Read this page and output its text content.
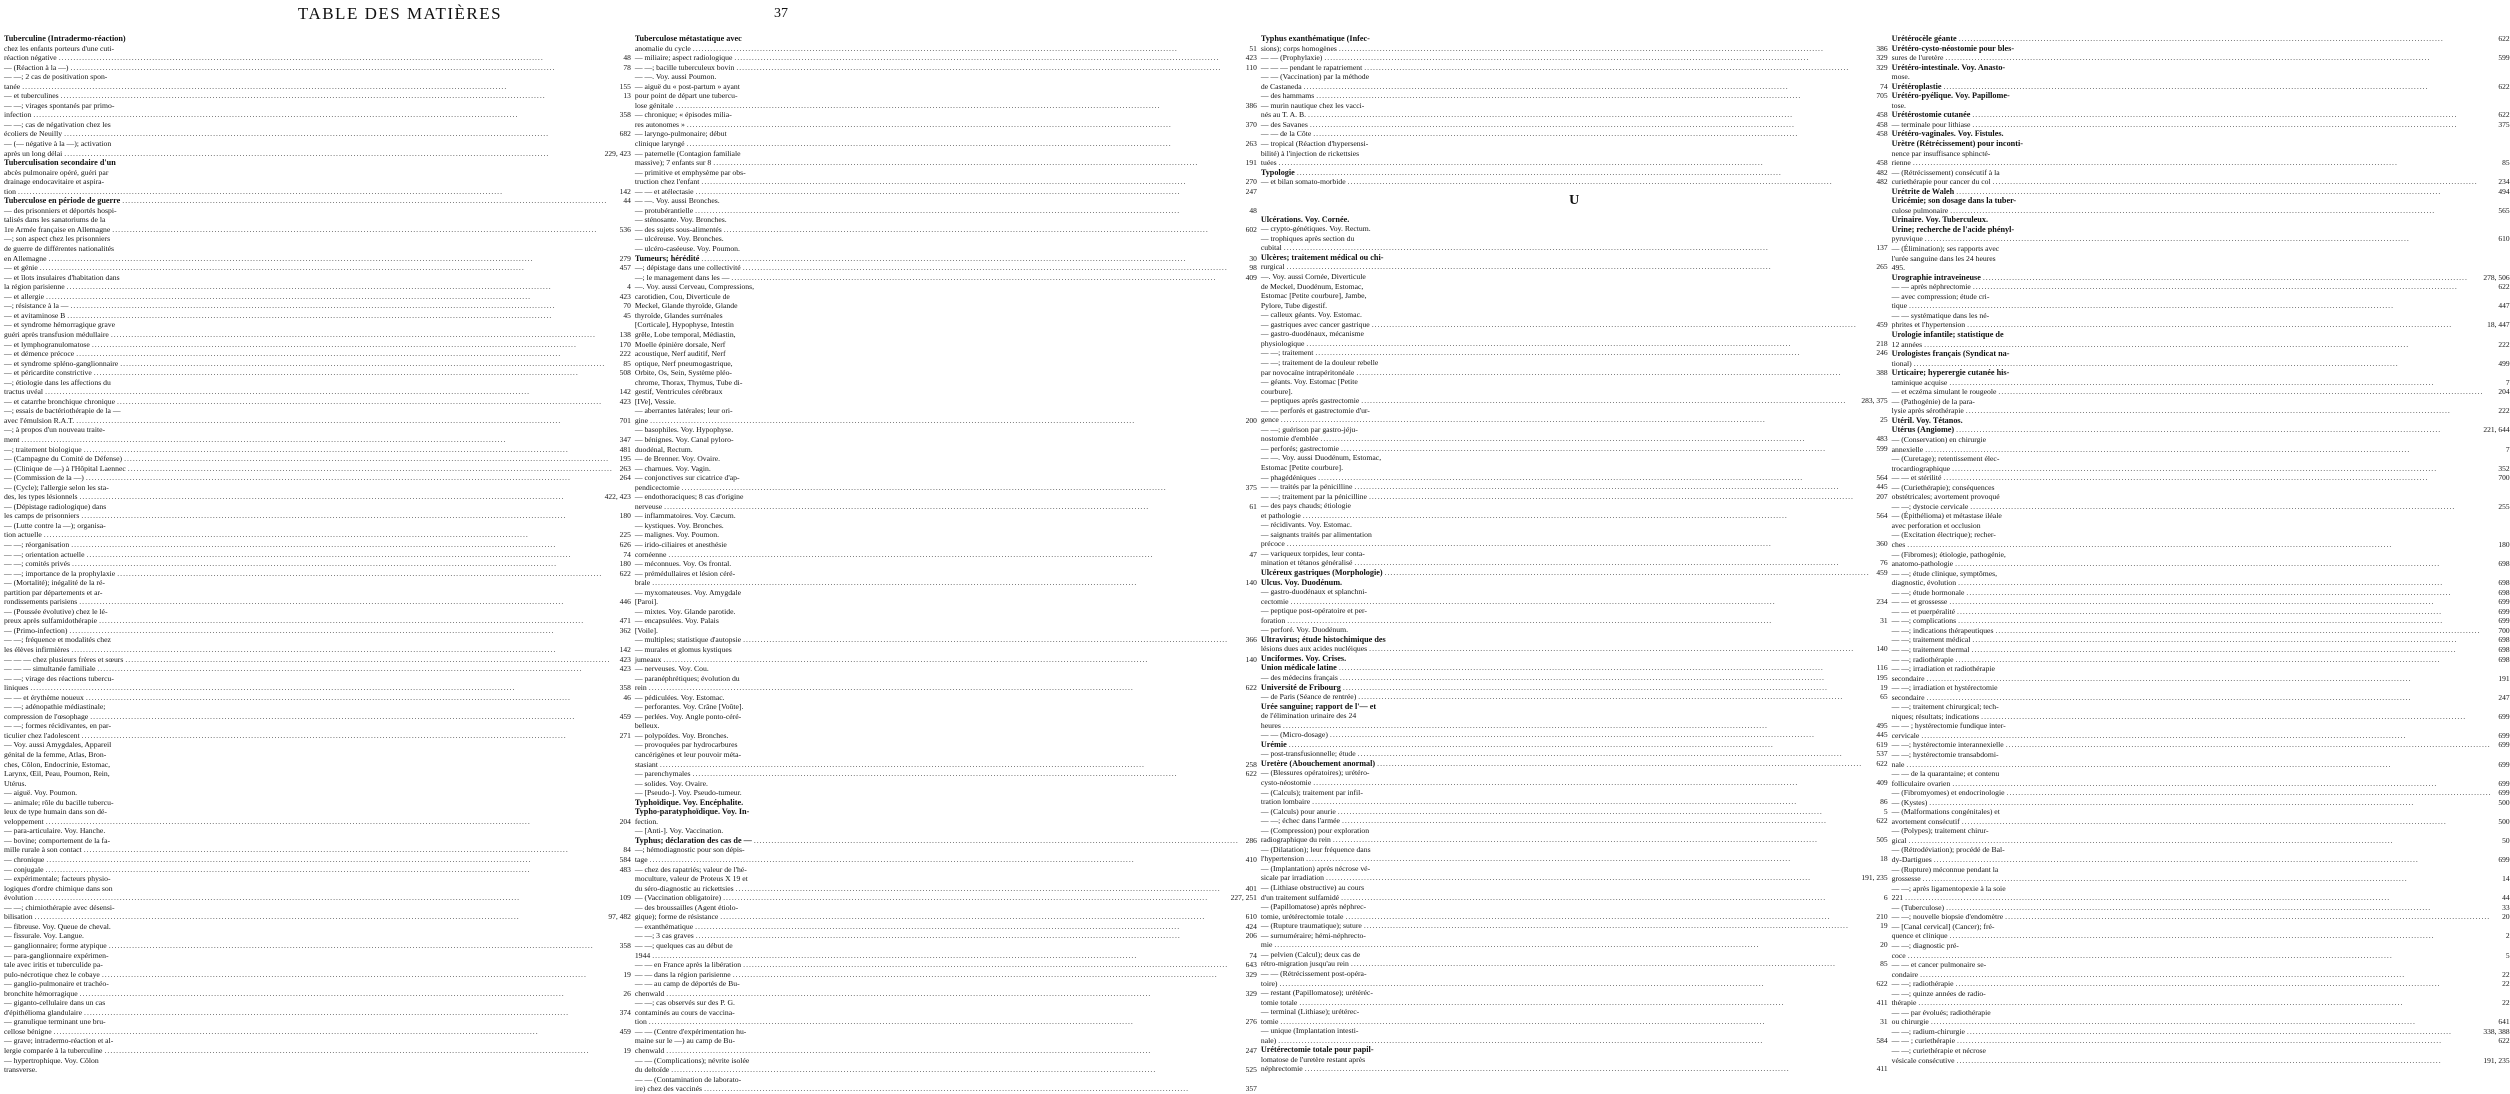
TABLE DES MATIÈRES	37
Tuberculine (Intradermo-réaction)
chez les enfants porteurs d'une cuti-
réaction négative .....	48
— (Réaction à la —) .....	78
— —; 2 cas de positivation spon-
tanée .....	155
— et tuberculines .....	13
— —; virages spontanés par primo-
infection .....	358
— —; cas de négativation chez les
écoliers de Neuilly .....	682
— (— négative à la —); activation
après un long délai .....	229, 423
Tuberculisation secondaire d'un
abcès pulmonaire opéré, guéri par
drainage endocavitaire et aspira-
tion .....	142
Tuberculose en période de guerre .....	44
— des prisonniers et déportés hospi-
talisés dans les sanatoriums de la
1re Armée française en Allemagne .....	536
—; son aspect chez les prisonniers
de guerre de différentes nationalités
en Allemagne .....	279
— et génie .....	457
— et îlots insulaires d'habitation dans
la région parisienne .....	4
— et allergie .....	423
—; résistance à la — .....	70
— et avitaminose B .....	45
— et syndrome hémorragique grave
guéri après transfusion médullaire .....	138
— et lymphogranulomatose .....	170
— et démence précoce .....	222
— et syndrome spléno-ganglionnaire .....	85
— et péricardite constrictive .....	508
—; étiologie dans les affections du
tractus uvéal .....	142
— et catarrhe bronchique chronique .....	423
—; essais de bactériothérapie de la —
avec l'émulsion R.A.T. .....	701
—; à propos d'un nouveau traite-
ment .....	347
—; traitement biologique .....	481
— (Campagne du Comité de Défense) .....	195
— (Clinique de —) à l'Hôpital Laennec .....	263
— (Commission de la —) .....	264
— (Cycle); l'allergie selon les sta-
des, les types lésionnels .....	422, 423
— (Dépistage radiologique) dans
les camps de prisonniers .....	180
— (Lutte contre la —); organisa-
tion actuelle .....	225
— —; réorganisation .....	626
— —; orientation actuelle .....	74
— —; comités privés .....	180
— —; importance de la prophylaxie .....	622
— (Mortalité); inégalité de la ré-
partition par départements et ar-
rondissements parisiens .....	446
— (Poussée évolutive) chez le lé-
preux après sulfamidothérapie .....	471
— (Primo-infection) .....	362
— —; fréquence et modalités chez
les élèves infirmières .....	142
— — — chez plusieurs frères et sœurs .....	423
— — — simultanée familiale .....	423
— —; virage des réactions tubercu-
liniques .....	358
— — et érythème noueux .....	46
— —; adénopathie médiastinale;
compression de l'œsophage .....	459
— —; formes récidivantes, en par-
ticulier chez l'adolescent .....	271
— Voy. aussi Amygdales, Appareil
génital de la femme, Atlas, Bron-
ches, Côlon, Endocrinie, Estomac,
Larynx, Œil, Peau, Poumon, Rein,
Utérus.
— aiguë. Voy. Poumon.
— animale; rôle du bacille tubercu-
leux de type humain dans son dé-
veloppement .....	204
— para-articulaire. Voy. Hanche.
— bovine; comportement de la fa-
mille rurale à son contact .....	84
— chronique .....	584
— conjugale .....	483
— expérimentale; facteurs physio-
logiques d'ordre chimique dans son
évolution .....	109
— —; chimiothérapie avec désensi-
bilisation .....	97, 482
— fibreuse. Voy. Queue de cheval.
— fissurale. Voy. Langue.
— ganglionnaire; forme atypique .....	358
— para-ganglionnaire expérimen-
tale avec iritis et tuberculide pa-
pulo-nécrotique chez le cobaye .....	19
— ganglio-pulmonaire et trachéo-
bronchite hémorragique .....	26
— giganto-cellulaire dans un cas
d'épithélioma glandulaire .....	374
— granulique terminant une bru-
cellose bénigne .....	459
— grave; intradermo-réaction et al-
lergie comparée à la tuberculine .....	19
— hypertrophique. Voy. Côlon
transverse.
Tuberculose métastatique avec
anomalie du cycle .....	51
— miliaire; aspect radiologique .....	423
— —; bacille tuberculeux bovin .....	110
— —. Voy. aussi Poumon.
— aiguë du « post-partum » ayant
pour point de départ une tubercu-
lose génitale .....	386
— chronique; « épisodes milia-
res autonomes » .....	370
— laryngo-pulmonaire; début
clinique laryngé .....	263
— paternelle (Contagion familiale
massive); 7 enfants sur 8 .....	191
— primitive et emphysème par obs-
truction chez l'enfant .....	270
— — et atélectasie .....	247
— —. Voy. aussi Bronches.
— protubérantielle .....	48
— sténosante. Voy. Bronches.
— des sujets sous-alimentés .....	602
— ulcéreuse. Voy. Bronches.
— ulcéro-caséeuse. Voy. Poumon.
Tumeurs; hérédité .....	30
—; dépistage dans une collectivité .....	98
—; le management dans les — .....	409
—. Voy. aussi Cerveau, Compressions,
carotidien, Cou, Diverticule de
Meckel, Glande thyroïde, Glande
thyroïde, Glandes surrénales
[Corticale], Hypophyse, Intestin
grêle, Lobe temporal, Médiastin,
Moelle épinière dorsale, Nerf
acoustique, Nerf auditif, Nerf
optique, Nerf pneumogastrique,
Orbite, Os, Sein, Système pléo-
chrome, Thorax, Thymus, Tube di-
gestif, Ventricules cérébraux
[IVe], Vessie.
— aberrantes latérales; leur ori-
gine .....	200
— basophiles. Voy. Hypophyse.
— bénignes. Voy. Canal pyloro-
duodénal, Rectum.
— de Brenner. Voy. Ovaire.
— charnues. Voy. Vagin.
— conjonctives sur cicatrice d'ap-
pendicectomie .....	375
— endothoraciques; 8 cas d'origine
nerveuse .....	61
— inflammatoires. Voy. Cæcum.
— kystiques. Voy. Bronches.
— malignes. Voy. Poumon.
— irido-ciliaires et anesthésie
cornéenne .....	47
— méconnues. Voy. Os frontal.
— prémédullaires et lésion céré-
brale .....	140
— myxomateuses. Voy. Amygdale
[Paroi].
— mixtes. Voy. Glande parotide.
— encapsulées. Voy. Palais
[Voile].
— multiples; statistique d'autopsie .....	366
— murales et glomus kystiques
jumeaux .....	140
— nerveuses. Voy. Cou.
— paranéphrétiques; évolution du
rein .....	622
— pédiculées. Voy. Estomac.
— perforantes. Voy. Crâne [Voûte].
— perlées. Voy. Angle ponto-céré-
belleux.
— polypoïdes. Voy. Bronches.
— provoquées par hydrocarbures
cancérigènes et leur pouvoir méta-
stasiant .....	258
— parenchymales .....	622
— solides. Voy. Ovaire.
— [Pseudo-]. Voy. Pseudo-tumeur.
Typhoïdique. Voy. Encéphalite.
Typho-paratyphoïdique. Voy. In-
fection.
— [Anti-]. Voy. Vaccination.
Typhus; déclaration des cas de — .....	286
—; hémodiagnostic pour son dépis-
tage .....	410
— chez des rapatriés; valeur de l'hé-
moculture, valeur de Proteus X 19 et
du séro-diagnostic au rickettsies .....	401
— (Vaccination obligatoire) .....	227, 251
— des broussailles (Agent étiolo-
gique); forme de résistance .....	610
— exanthématique .....	424
— —; 3 cas graves .....	206
— —; quelques cas au début de
1944 .....	74
— — en France après la libération .....	643
— — dans la région parisienne .....	329
— — au camp de déportés de Bu-
chenwald .....	329
— —; cas observés sur des P. G.
contaminés au cours de vaccina-
tion .....	276
— — (Centre d'expérimentation hu-
maine sur le —) au camp de Bu-
chenwald .....	247
— — (Complications); névrite isolée
du deltoïde .....	525
— — (Contamination de laborato-
ire) chez des vaccinés .....	357
Typhus exanthématique (Infec-
sions); corps homogènes .....	386
— — (Prophylaxie) .....	329
— — — pendant le rapatriement .....	329
— — (Vaccination) par la méthode
de Castaneda .....	74
— des hammams .....	705
— murin nautique chez les vacci-
nés au T. A. B. .....	458
— des Savanes .....	458
— — de la Côte .....	458
— tropical (Réaction d'hypersensi-
bilité) à l'injection de rickettsies
tuées .....	458
Typologie .....	482
— et bilan somato-morbide .....	482
U
Ulcérations. Voy. Cornée.
— crypto-génétiques. Voy. Rectum.
— trophiques après section du
cubital .....	137
Ulcères; traitement médical ou chi-
rurgical .....	265
—. Voy. aussi Cornée, Diverticule
de Meckel, Duodénum, Estomac,
Estomac [Petite courbure], Jambe,
Pylore, Tube digestif.
— calleux géants. Voy. Estomac.
— gastriques avec cancer gastrique .....	459
— gastro-duodénaux, mécanisme
physiologique .....	218
— —; traitement .....	246
— —; traitement de la douleur rebelle
par novocaïne intrapéritonéale .....	388
— géants. Voy. Estomac [Petite
courbure].
— peptiques après gastrectomie .....	283, 375
— — perforés et gastrectomie d'ur-
gence .....	25
— —; guérison par gastro-jéju-
nostomie d'emblée .....	483
— perforés; gastrectomie .....	599
— —. Voy. aussi Duodénum, Estomac,
Estomac [Petite courbure].
— phagédéniques .....	564
— — traités par la pénicilline .....	445
— —; traitement par la pénicilline .....	207
— des pays chauds; étiologie
et pathologie .....	564
— récidivants. Voy. Estomac.
— saignants traités par alimentation
précoce .....	360
— variqueux torpides, leur conta-
mination et tétanos généralisé .....	76
Ulcéreux gastriques (Morphologie) .....	459
Ulcus. Voy. Duodénum.
— gastro-duodénaux et splanchni-
cectomie .....	234
— peptique post-opératoire et per-
foration .....	31
— perforé. Voy. Duodénum.
Ultravirus; étude histochimique des
lésions dues aux acides nucléiques .....	140
Unciformes. Voy. Crises.
Union médicale latine .....	116
— des médecins français .....	195
Université de Fribourg .....	19
— de Paris (Séance de rentrée) .....	65
Urée sanguine; rapport de l'— et
de l'élimination urinaire des 24
heures .....	495
— — (Micro-dosage) .....	445
Urémie .....	619
— post-transfusionnelle; étude .....	537
Uretère (Abouchement anormal) .....	622
— (Blessures opératoires); urétéro-
cysto-néostomie .....	409
— (Calculs); traitement par infil-
tration lombaire .....	86
— (Calculs) pour anurie .....	5
— —; échec dans l'armée .....	622
— (Compression) pour exploration
radiographique du rein .....	505
— (Dilatation); leur fréquence dans
l'hypertension .....	18
— (Implantation) après nécrose vé-
sicale par irradiation .....	191, 235
— (Lithiase obstructive) au cours
d'un traitement sulfamidé .....	6
— (Papillomatose) après néphrec-
tomie, urétérectomie totale .....	210
— (Rupture traumatique); suture .....	19
— surnuméraire; hémi-néphrecto-
mie .....	20
— pelvien (Calcul); deux cas de
rétro-migration jusqu'au rein .....	85
— — (Rétrécissement post-opéra-
toire) .....	622
— restant (Papillomatose); urétéréc-
tomie totale .....	411
— terminal (Lithiase); urétérec-
tomie .....	31
— unique (Implantation intesti-
nale) .....	584
Urétérectomie totale pour papil-
lomatose de l'uretère restant après
néphrectomie .....	411
Urétérocèle géante .....	622
Urétéro-cysto-néostomie pour bles-
sures de l'uretère .....	599
Urétéro-intestinale. Voy. Anasto-
mose.
Urétéroplastie .....	622
Urétéro-pyélique. Voy. Papillome-
tose.
Urétérostomie cutanée .....	622
— terminale pour lithiase .....	375
Urétéro-vaginales. Voy. Fistules.
Urètre (Rétrécissement) pour inconti-
nence par insuffisance sphincté-
rienne .....	85
— (Rétrécissement) consécutif à la
curiethérapie pour cancer du col .....	234
Urétrite de Waleh .....	494
Uricémie; son dosage dans la tuber-
culose pulmonaire .....	565
Urinaire. Voy. Tuberculeux.
Urine; recherche de l'acide phényl-
pyruvique .....	610
— (Élimination); ses rapports avec
l'urée sanguine dans les 24 heures
495.
Urographie intraveineuse .....	278, 506
— — après néphrectomie .....	622
— avec compression; étude cri-
tique .....	447
— — systématique dans les né-
phrites et l'hypertension .....	18, 447
Urologie infantile; statistique de
12 années .....	222
Urologistes français (Syndicat na-
tional) .....	499
Urticaire; hyperergie cutanée his-
taminique acquise .....	7
— et eczéma simulant le rougeole .....	204
— (Pathogénie) de la para-
lysie après sérothérapie .....	222
Utéril. Voy. Tétanos.
Utérus (Angiome) .....	221, 644
— (Conservation) en chirurgie
annexielle .....	7
— (Curetage); retentissement élec-
trocardiographique .....	352
— — et stérilité .....	700
— (Curiethérapie); conséquences
obstétricales; avortement provoqué
— —; dystocie cervicale .....	255
— (Épithélioma) et métastase iléale
avec perforation et occlusion
— (Excitation électrique); recher-
ches .....	180
— (Fibromes); étiologie, pathogénie,
anatomo-pathologie .....	698
— —; étude clinique, symptômes,
diagnostic, évolution .....	698
— —; étude hormonale .....	698
— — et grossesse .....	699
— — et puerpéralité .....	699
— —; complications .....	699
— —; indications thérapeutiques .....	700
— —; traitement médical .....	698
— —; traitement thermal .....	698
— —; radiothérapie .....	698
— —; irradiation et radiothérapie
secondaire .....	191
— —; irradiation et hystérectomie
secondaire .....	247
— —; traitement chirurgical; tech-
niques; résultats; indications .....	699
— — ; hystérectomie fundique inter-
cervicale .....	699
— —; hystérectomie interannexielle .....	699
— —; hystérectomie transabdomi-
nale .....	699
— — de la quarantaine; et contenu
folliculaire ovarien .....	699
— (Fibromyomes) et endocrinologie .....	699
— (Kystes) .....	500
— (Malformations congénitales) et
avortement consécutif .....	500
— (Polypes); traitement chirur-
gical .....	50
— (Rétrodéviation); procédé de Bal-
dy-Dartigues .....	699
— (Rupture) méconnue pendant la
grossesse .....	14
— —; après ligamentopexie à la soie
221 .....	44
— (Tuberculose) .....	33
— —; nouvelle biopsie d'endomètre .....	20
— [Canal cervical] (Cancer); fré-
quence et clinique .....	2
— —; diagnostic pré-
coce .....	5
— — et cancer pulmonaire se-
condaire .....	22
— —; radiothérapie .....	22
— —; quinze années de radio-
thérapie .....	22
— — par évolués; radiothérapie
ou chirurgie .....	641
— —; radium-chirurgie .....	338, 388
— — ; curiethérapie .....	622
— —; curiethérapie et nécrose
vésicale consécutive .....	191, 235
